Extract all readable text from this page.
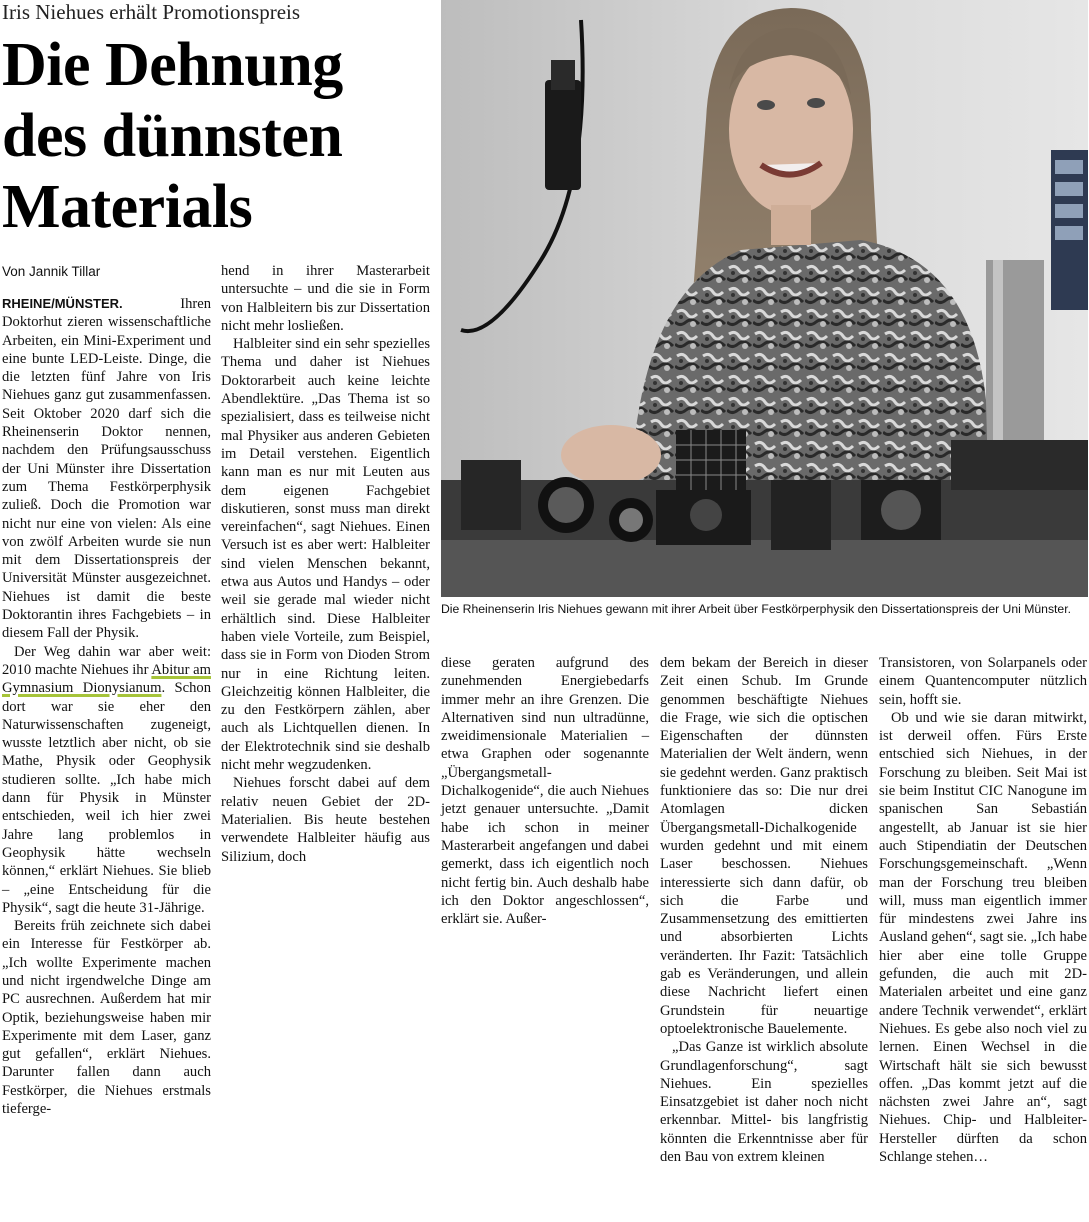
Iris Niehues erhält Promotionspreis
Die Dehnung
des dünnsten
Materials
Von Jannik Tillar
Die Rheinenserin Iris Niehues gewann mit ihrer Arbeit über Festkörperphysik den Dissertationspreis der Uni Münster.

RHEINE/MÜNSTER.	Ihren Doktorhut zieren wissenschaftliche Arbeiten, ein Mini-Experiment und eine bunte LED-Leiste. Dinge, die die letzten fünf Jahre von Iris Niehues ganz gut zusammenfassen. Seit Oktober 2020 darf sich die Rheinenserin Doktor nennen, nachdem den Prüfungsausschuss der Uni Münster ihre Dissertation zum Thema Festkörperphysik zuließ. Doch die Promotion war nicht nur eine von vielen: Als eine von zwölf Arbeiten wurde sie nun mit dem Dissertationspreis der Universität Münster ausgezeichnet. Niehues ist damit die beste Doktorantin ihres Fachgebiets – in diesem Fall der Physik.

Der Weg dahin war aber weit: 2010 machte Niehues ihr Abitur am Gymnasium Dionysianum. Schon dort war sie eher den Naturwissenschaften zugeneigt, wusste letztlich aber nicht, ob sie Mathe, Physik oder Geophysik studieren sollte. „Ich habe mich dann für Physik in Münster entschieden, weil ich hier zwei Jahre lang problemlos in Geophysik hätte wechseln können,“ erklärt Niehues. Sie blieb – „eine Entscheidung für die Physik“, sagt die heute 31-Jährige.

Bereits früh zeichnete sich dabei ein Interesse für Festkörper ab. „Ich wollte Experimente machen und nicht irgendwelche Dinge am PC ausrechnen. Außerdem hat mir Optik, beziehungsweise haben mir Experimente mit dem Laser, ganz gut gefallen“, erklärt Niehues. Darunter fallen dann auch Festkörper, die Niehues erstmals tieferge-

hend in ihrer Masterarbeit untersuchte – und die sie in Form von Halbleitern bis zur Dissertation nicht mehr losließen.

Halbleiter sind ein sehr spezielles Thema und daher ist Niehues Doktorarbeit auch keine leichte Abendlektüre. „Das Thema ist so spezialisiert, dass es teilweise nicht mal Physiker aus anderen Gebieten im Detail verstehen. Eigentlich kann man es nur mit Leuten aus dem eigenen Fachgebiet diskutieren, sonst muss man direkt vereinfachen“, sagt Niehues. Einen Versuch ist es aber wert: Halbleiter sind vielen Menschen bekannt, etwa aus Autos und Handys – oder weil sie gerade mal wieder nicht erhältlich sind. Diese Halbleiter haben viele Vorteile, zum Beispiel, dass sie in Form von Dioden Strom nur in eine Richtung leiten. Gleichzeitig können Halbleiter, die zu den Festkörpern zählen, aber auch als Lichtquellen dienen. In der Elektrotechnik sind sie deshalb nicht mehr wegzudenken.

Niehues forscht dabei auf dem relativ neuen Gebiet der 2D-Materialien. Bis heute bestehen verwendete Halbleiter häufig aus Silizium, doch

diese geraten aufgrund des zunehmenden Energiebedarfs immer mehr an ihre Grenzen. Die Alternativen sind nun ultradünne, zweidimensionale Materialien – etwa Graphen oder sogenannte „Übergangsmetall-Dichalkogenide“, die auch Niehues jetzt genauer untersuchte. „Damit habe ich schon in meiner Masterarbeit angefangen und dabei gemerkt, dass ich eigentlich noch nicht fertig bin. Auch deshalb habe ich den Doktor angeschlossen“, erklärt sie. Außer-

dem bekam der Bereich in dieser Zeit einen Schub. Im Grunde genommen beschäftigte Niehues die Frage, wie sich die optischen Eigenschaften der dünnsten Materialien der Welt ändern, wenn sie gedehnt werden. Ganz praktisch funktioniere das so: Die nur drei Atomlagen dicken Übergangsmetall-Dichalkogenide wurden gedehnt und mit einem Laser beschossen. Niehues interessierte sich dann dafür, ob sich die Farbe und Zusammensetzung des emittierten und absorbierten Lichts veränderten. Ihr Fazit: Tatsächlich gab es Veränderungen, und allein diese Nachricht liefert einen Grundstein für neuartige optoelektronische Bauelemente.

„Das Ganze ist wirklich absolute Grundlagenforschung“, sagt Niehues. Ein spezielles Einsatzgebiet ist daher noch nicht erkennbar. Mittel- bis langfristig könnten die Erkenntnisse aber für den Bau von extrem kleinen

Transistoren, von Solarpanels oder einem Quantencomputer nützlich sein, hofft sie.

Ob und wie sie daran mitwirkt, ist derweil offen. Fürs Erste entschied sich Niehues, in der Forschung zu bleiben. Seit Mai ist sie beim Institut CIC Nanogune im spanischen San Sebastián angestellt, ab Januar ist sie hier auch Stipendiatin der Deutschen Forschungsgemeinschaft. „Wenn man der Forschung treu bleiben will, muss man eigentlich immer für mindestens zwei Jahre ins Ausland gehen“, sagt sie. „Ich habe hier aber eine tolle Gruppe gefunden, die auch mit 2D-Materialen arbeitet und eine ganz andere Technik verwendet“, erklärt Niehues. Es gebe also noch viel zu lernen. Einen Wechsel in die Wirtschaft hält sie sich bewusst offen. „Das kommt jetzt auf die nächsten zwei Jahre an“, sagt Niehues. Chip- und Halbleiter-Hersteller dürften da schon Schlange stehen…
